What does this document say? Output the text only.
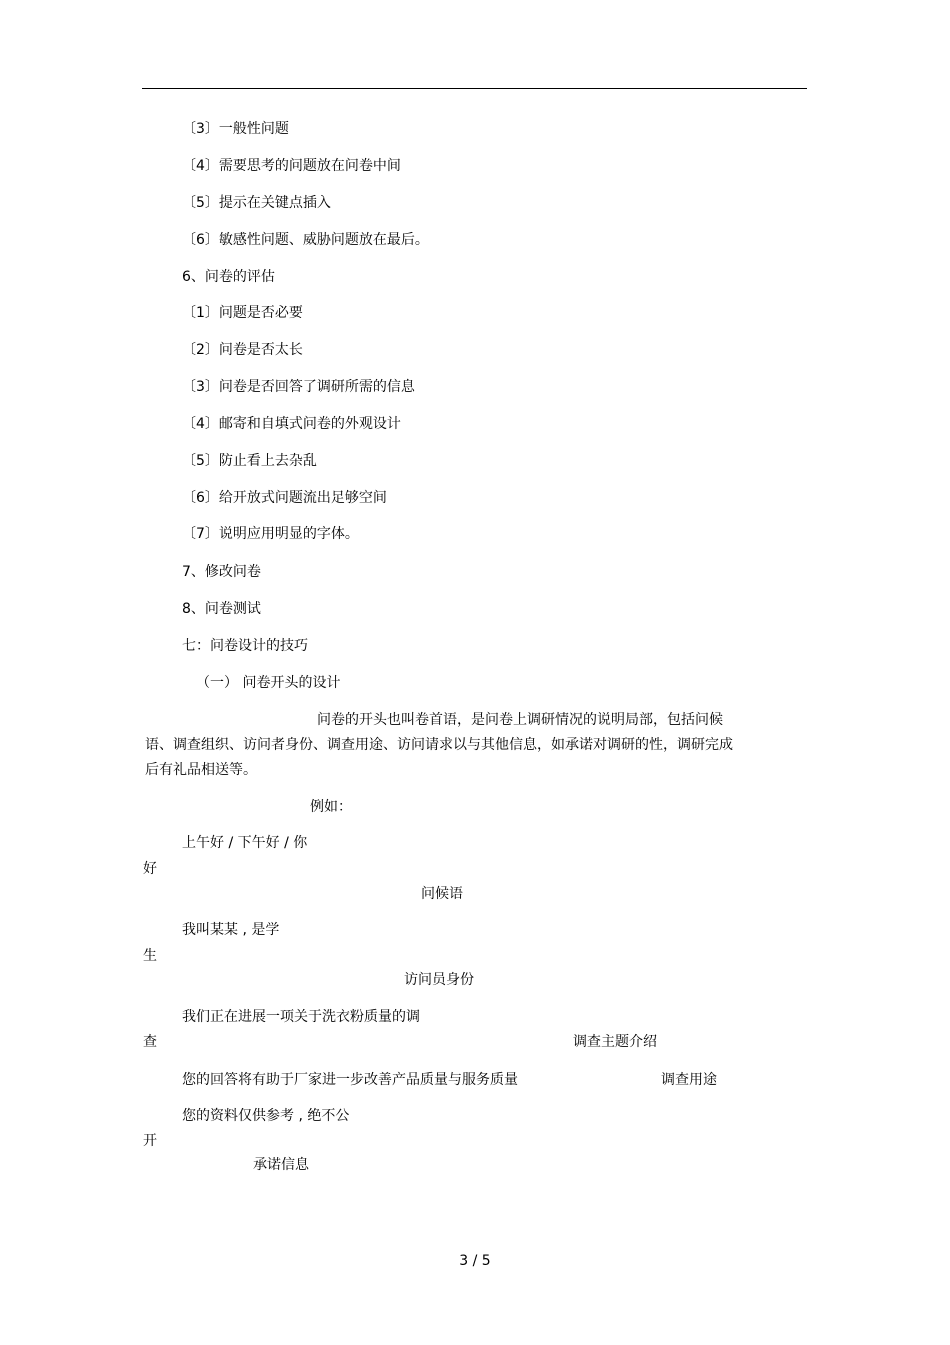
〔3〕一般性问题
〔4〕需要思考的问题放在问卷中间
〔5〕提示在关键点插入
〔6〕敏感性问题、威胁问题放在最后。
6、问卷的评估
〔1〕问题是否必要
〔2〕问卷是否太长
〔3〕问卷是否回答了调研所需的信息
〔4〕邮寄和自填式问卷的外观设计
〔5〕防止看上去杂乱
〔6〕给开放式问题流出足够空间
〔7〕说明应用明显的字体。
7、修改问卷
8、问卷测试
七：问卷设计的技巧
（一） 问卷开头的设计
问卷的开头也叫卷首语，是问卷上调研情况的说明局部，包括问候语、调查组织、访问者身份、调查用途、访问请求以与其他信息，如承诺对调研的性，调研完成后有礼品相送等。
例如：
上午好 / 下午好 / 你
好
问候语
我叫某某 , 是学
生
访问员身份
我们正在进展一项关于洗衣粉质量的调
查	调查主题介绍
您的回答将有助于厂家进一步改善产品质量与服务质量	调查用途
您的资料仅供参考 , 绝不公
开
承诺信息
3 / 5
